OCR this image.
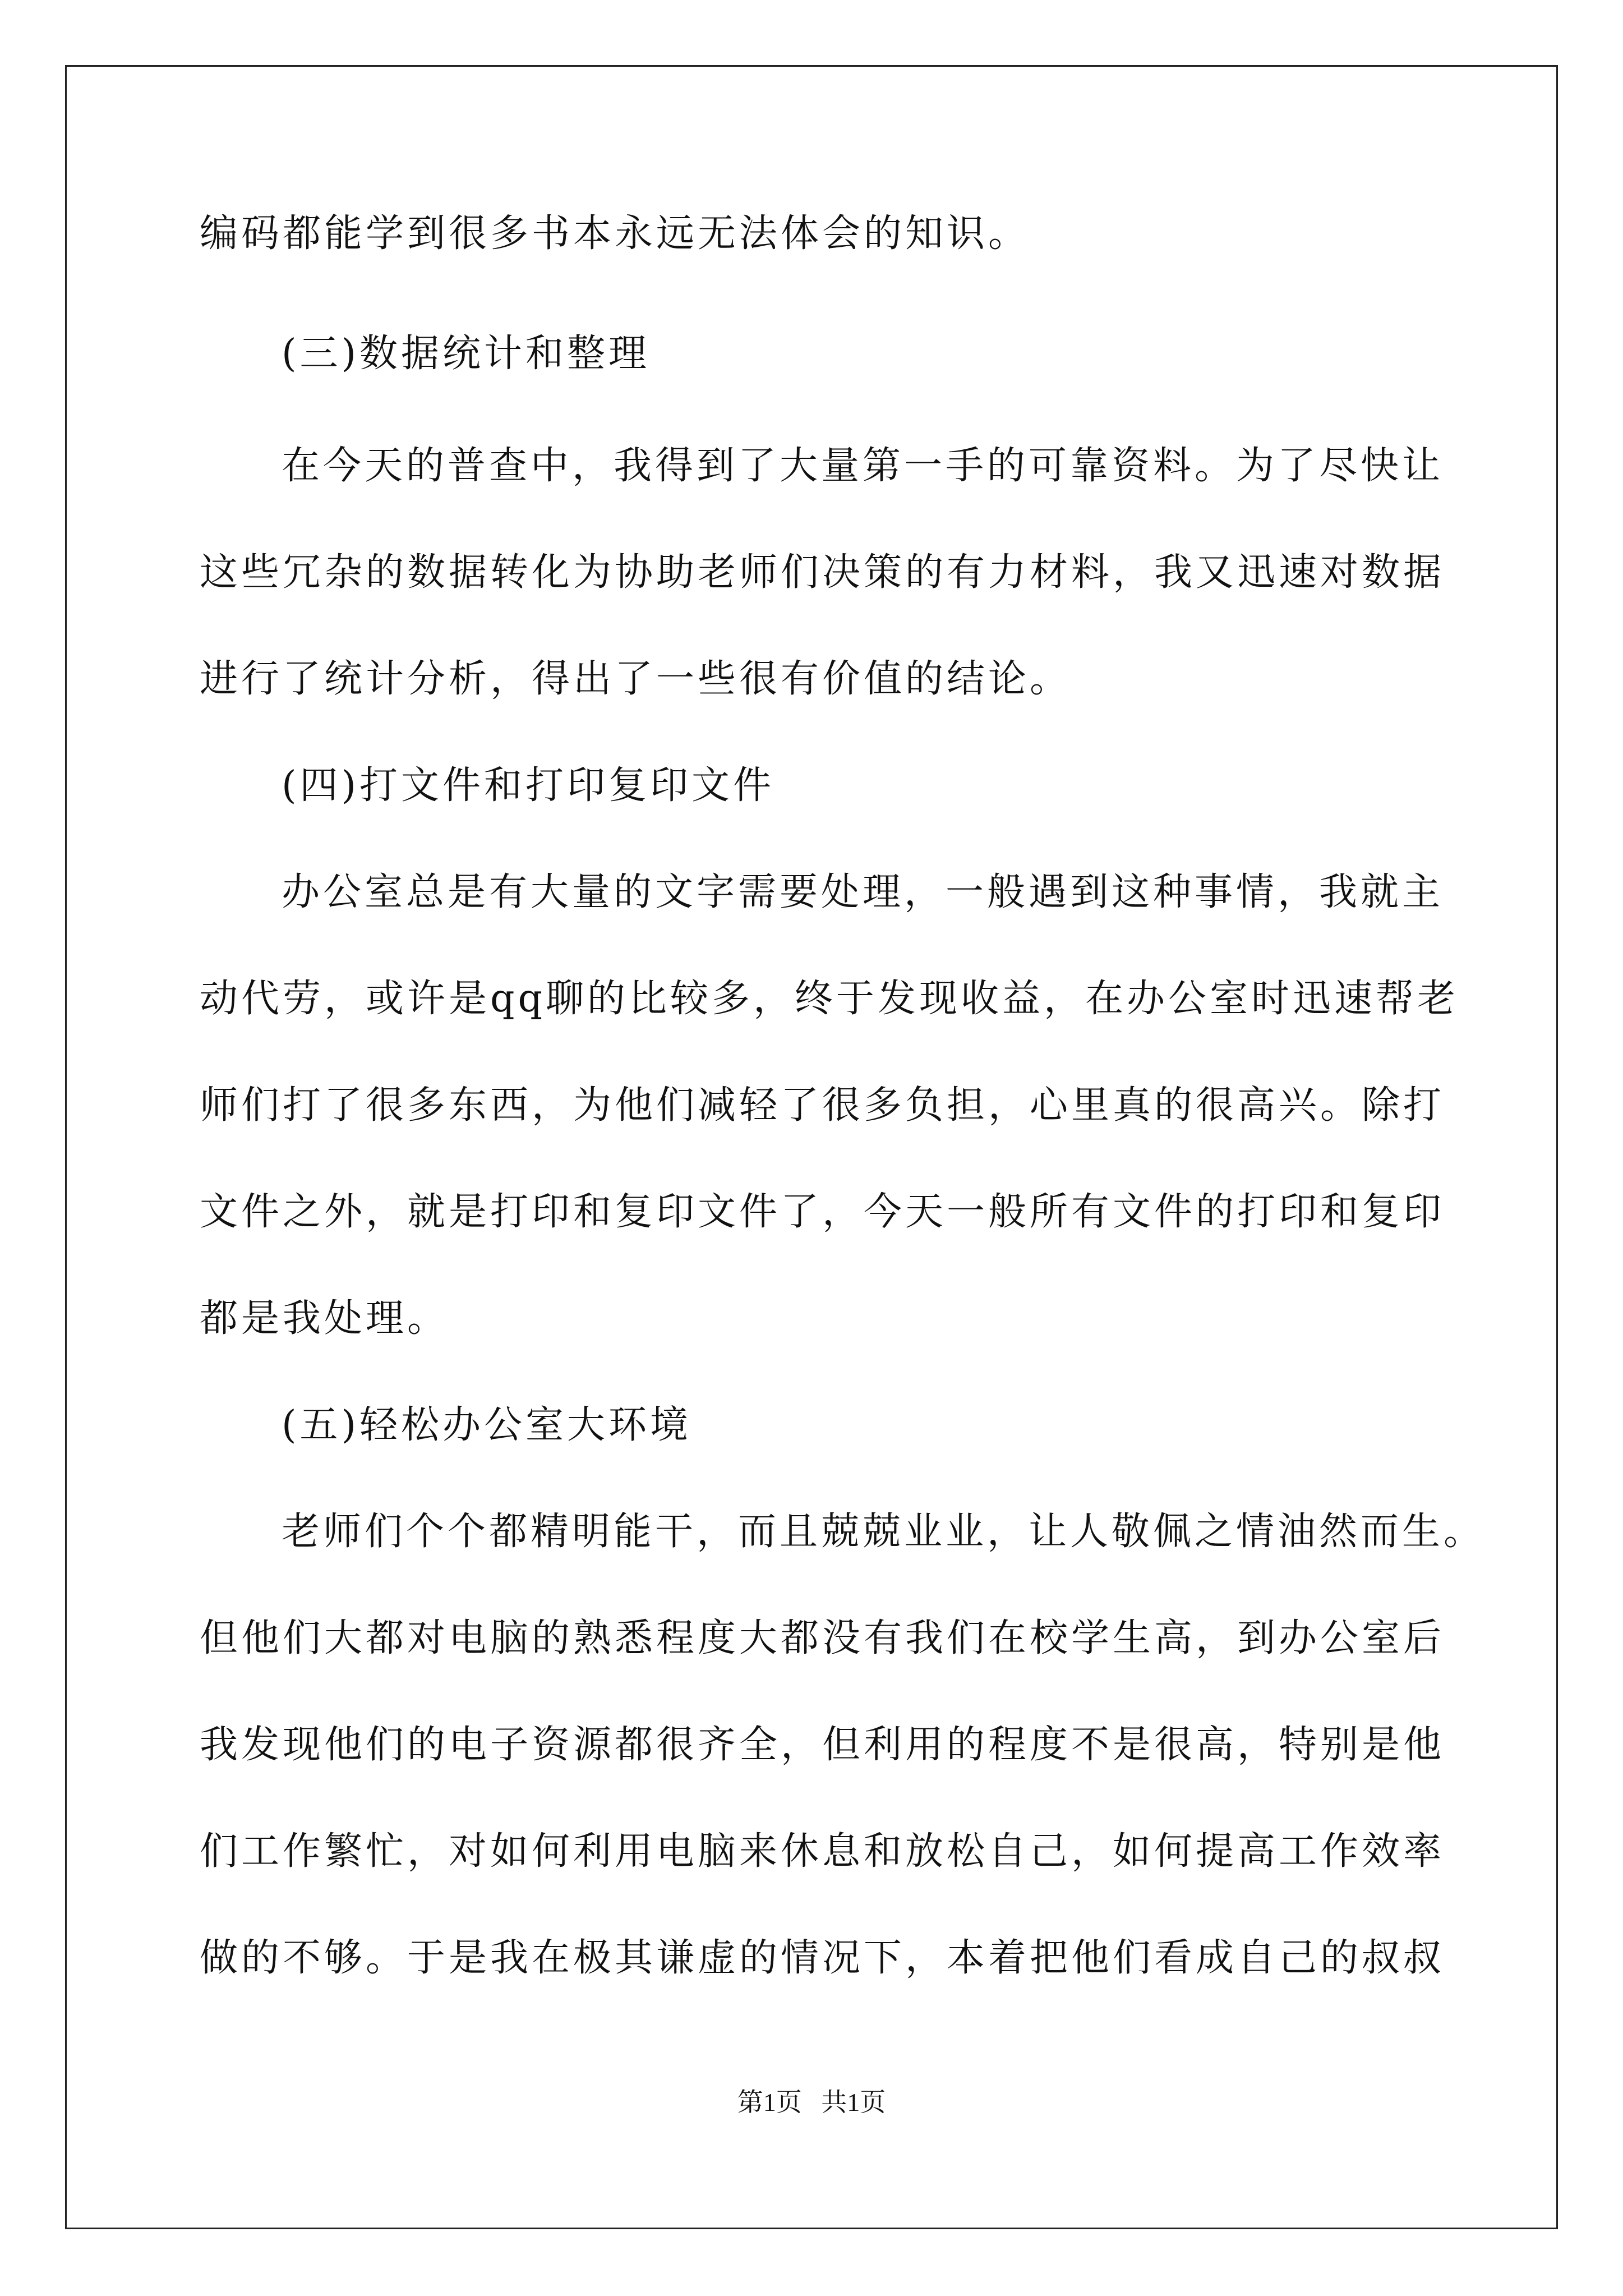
编码都能学到很多书本永远无法体会的知识。
(三)数据统计和整理
在今天的普查中，我得到了大量第一手的可靠资料。为了尽快让
这些冗杂的数据转化为协助老师们决策的有力材料，我又迅速对数据
进行了统计分析，得出了一些很有价值的结论。
(四)打文件和打印复印文件
办公室总是有大量的文字需要处理，一般遇到这种事情，我就主
动代劳，或许是qq聊的比较多，终于发现收益，在办公室时迅速帮老
师们打了很多东西，为他们减轻了很多负担，心里真的很高兴。除打
文件之外，就是打印和复印文件了，今天一般所有文件的打印和复印
都是我处理。
(五)轻松办公室大环境
老师们个个都精明能干，而且兢兢业业，让人敬佩之情油然而生。
但他们大都对电脑的熟悉程度大都没有我们在校学生高，到办公室后
我发现他们的电子资源都很齐全，但利用的程度不是很高，特别是他
们工作繁忙，对如何利用电脑来休息和放松自己，如何提高工作效率
做的不够。于是我在极其谦虚的情况下，本着把他们看成自己的叔叔
第1页   共1页
